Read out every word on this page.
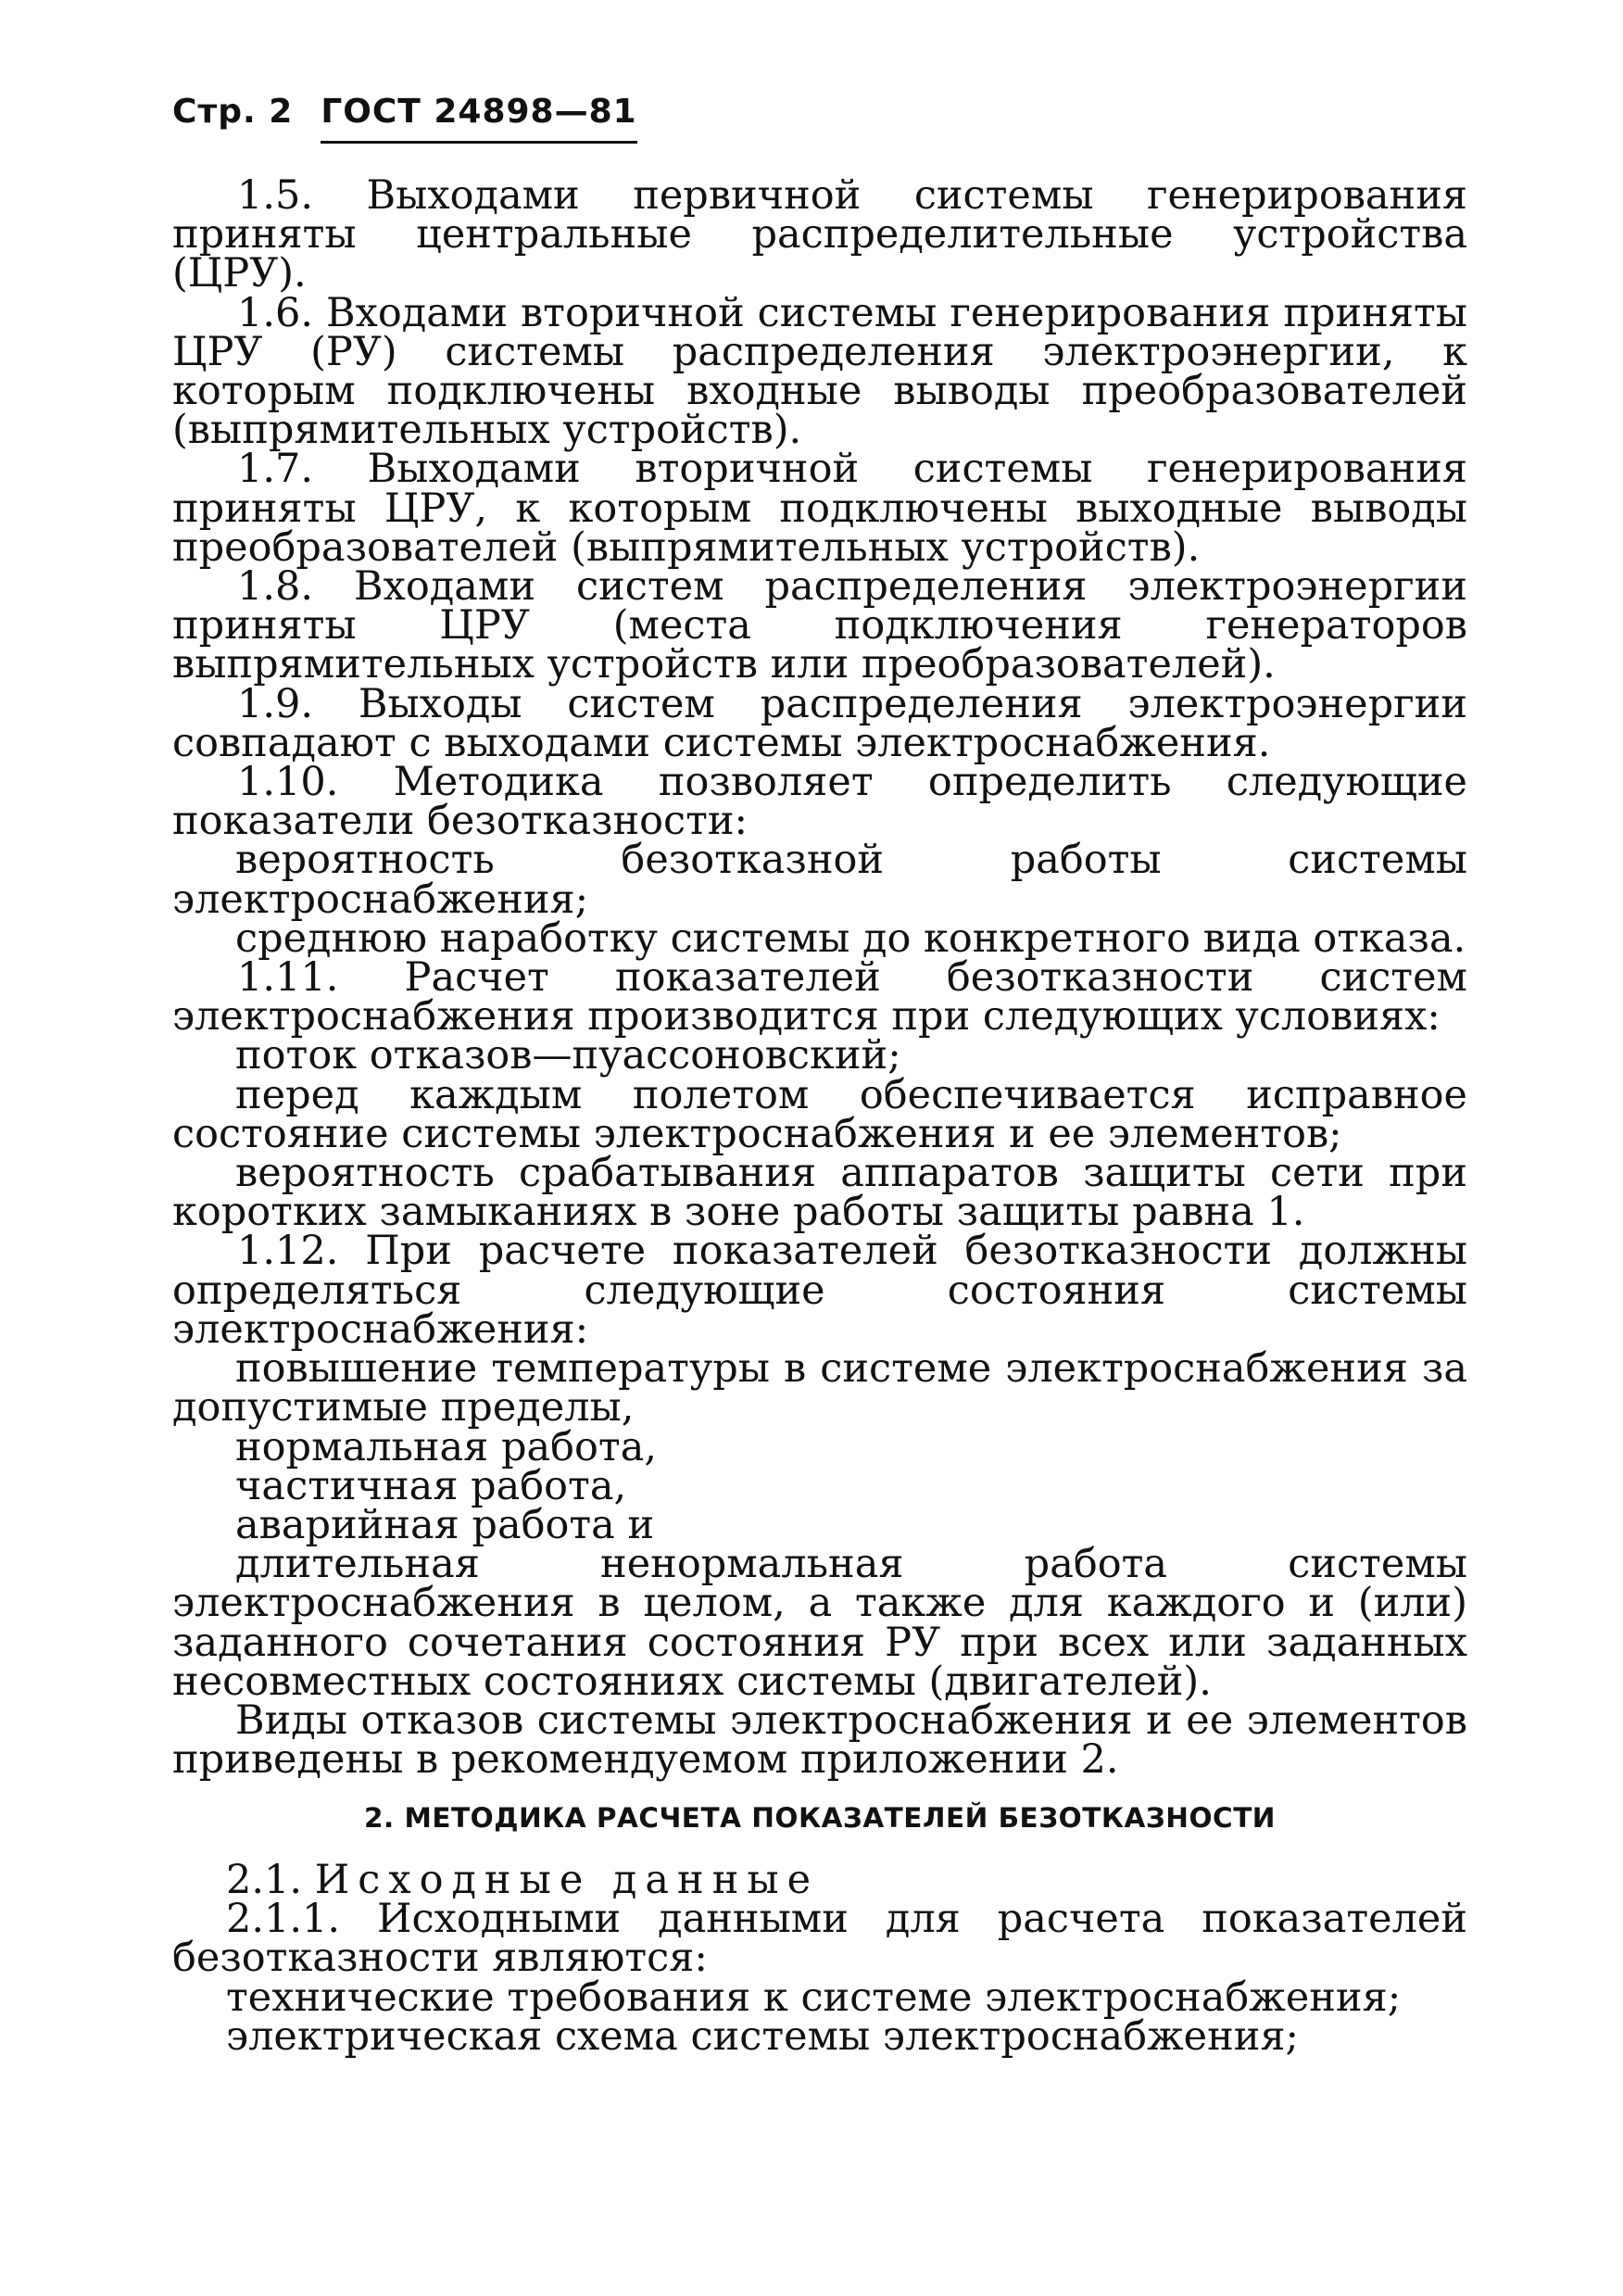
Стр. 2 ГОСТ 24898—81

1.5. Выходами первичной системы генерирования приняты центральные распределительные устройства (ЦРУ).

1.6. Входами вторичной системы генерирования приняты ЦРУ (РУ) системы распределения электроэнергии, к которым подключены входные выводы преобразователей (выпрямительных устройств).

1.7. Выходами вторичной системы генерирования приняты ЦРУ, к которым подключены выходные выводы преобразователей (выпрямительных устройств).

1.8. Входами систем распределения электроэнергии приняты ЦРУ (места подключения генераторов выпрямительных устройств или преобразователей).

1.9. Выходы систем распределения электроэнергии совпадают с выходами системы электроснабжения.

1.10. Методика позволяет определить следующие показатели безотказности:

вероятность безотказной работы системы электроснабжения;

среднюю наработку системы до конкретного вида отказа.

1.11. Расчет показателей безотказности систем электроснабжения производится при следующих условиях:

поток отказов—пуассоновский;

перед каждым полетом обеспечивается исправное состояние системы электроснабжения и ее элементов;

вероятность срабатывания аппаратов защиты сети при коротких замыканиях в зоне работы защиты равна 1.

1.12. При расчете показателей безотказности должны определяться следующие состояния системы электроснабжения:

повышение температуры в системе электроснабжения за допустимые пределы,

нормальная работа,

частичная работа,

аварийная работа и

длительная ненормальная работа системы электроснабжения в целом, а также для каждого и (или) заданного сочетания состояния РУ при всех или заданных несовместных состояниях системы (двигателей).

Виды отказов системы электроснабжения и ее элементов приведены в рекомендуемом приложении 2.

2. МЕТОДИКА РАСЧЕТА ПОКАЗАТЕЛЕЙ БЕЗОТКАЗНОСТИ

2.1. Исходные данные

2.1.1. Исходными данными для расчета показателей безотказности являются:

технические требования к системе электроснабжения;

электрическая схема системы электроснабжения;
